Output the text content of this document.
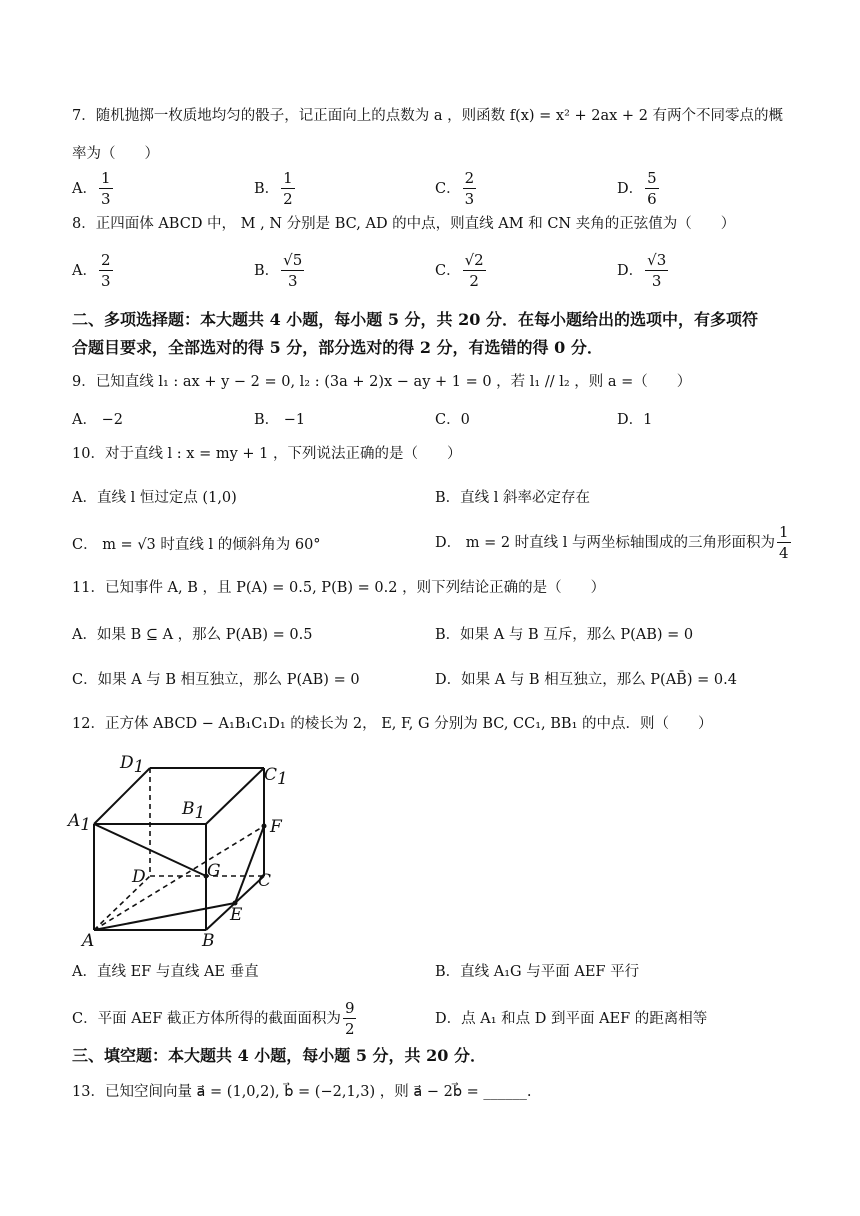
7．随机抛掷一枚质地均匀的骰子，记正面向上的点数为 a ，则函数 f(x) = x² + 2ax + 2 有两个不同零点的概
率为（　　）
A． $\frac{1}{3}$	B． $\frac{1}{2}$	C． $\frac{2}{3}$	D． $\frac{5}{6}$
8．正四面体 ABCD 中， M , N 分别是 BC, AD 的中点，则直线 AM 和 CN 夹角的正弦值为（　　）
A． $\frac{2}{3}$	B． $\frac{√5}{3}$	C． $\frac{√2}{2}$	D． $\frac{√3}{3}$
二、多项选择题：本大题共 4 小题，每小题 5 分，共 20 分．在每小题给出的选项中，有多项符
合题目要求，全部选对的得 5 分，部分选对的得 2 分，有选错的得 0 分．
9．已知直线 l₁ : ax + y − 2 = 0, l₂ : (3a + 2)x − ay + 1 = 0 ，若 l₁ // l₂ ，则 a =（　　）
A． −2	B． −1	C．0	D．1
10．对于直线 l : x = my + 1 ，下列说法正确的是（　　）
A．直线 l 恒过定点 (1,0)	B．直线 l 斜率必定存在
C． m = √3 时直线 l 的倾斜角为 60°	D． m = 2 时直线 l 与两坐标轴围成的三角形面积为 $\frac{1}{4}$
11．已知事件 A, B ，且 P(A) = 0.5, P(B) = 0.2 ，则下列结论正确的是（　　）
A．如果 B ⊆ A ，那么 P(AB) = 0.5	B．如果 A 与 B 互斥，那么 P(AB) = 0
C．如果 A 与 B 相互独立，那么 P(AB) = 0	D．如果 A 与 B 相互独立，那么 P(AB̄) = 0.4
12．正方体 ABCD − A₁B₁C₁D₁ 的棱长为 2， E, F, G 分别为 BC, CC₁, BB₁ 的中点．则（　　）
D1	C1
A1
B1
D	G
F
C
E
A	B
A．直线 EF 与直线 AE 垂直	B．直线 A₁G 与平面 AEF 平行
C．平面 AEF 截正方体所得的截面面积为 $\frac{9}{2}$	D．点 A₁ 和点 D 到平面 AEF 的距离相等
三、填空题：本大题共 4 小题，每小题 5 分，共 20 分．
13．已知空间向量 a⃗ = (1,0,2), b⃗ = (−2,1,3) ，则 a⃗ − 2b⃗ = ______.
